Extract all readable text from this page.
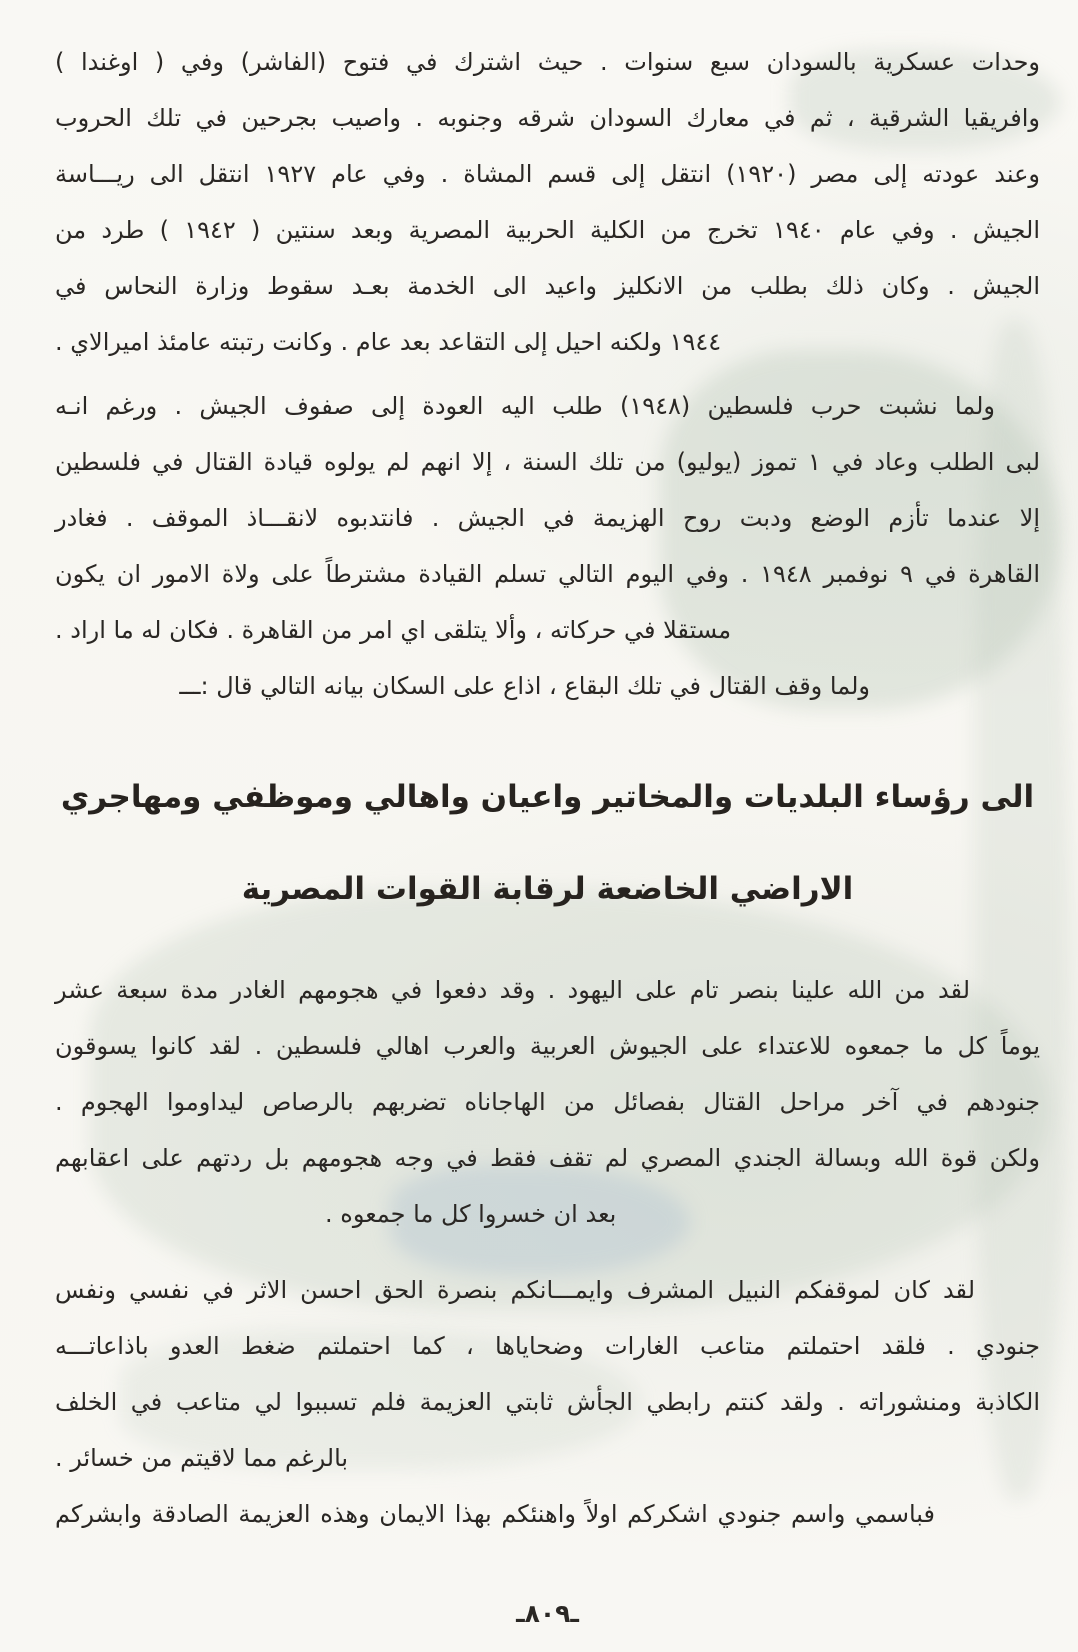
وحدات عسكرية بالسودان سبع سنوات . حيث اشترك في فتوح (الفاشر) وفي ( اوغندا )
وافريقيا الشرقية ، ثم في معارك السودان شرقه وجنوبه . واصيب بجرحين في تلك الحروب
وعند عودته إلى مصر (١٩٢٠) انتقل إلى قسم المشاة . وفي عام ١٩٢٧ انتقل الى ريـــاسة
الجيش . وفي عام ١٩٤٠ تخرج من الكلية الحربية المصرية وبعد سنتين ( ١٩٤٢ ) طرد من
الجيش . وكان ذلك بطلب من الانكليز واعيد الى الخدمة بعـد سقوط وزارة النحاس في
١٩٤٤ ولكنه احيل إلى التقاعد بعد عام . وكانت رتبته عامئذ اميرالاي .
ولما نشبت حرب فلسطين (١٩٤٨) طلب اليه العودة إلى صفوف الجيش . ورغم انـه
لبى الطلب وعاد في ١ تموز (يوليو) من تلك السنة ، إلا انهم لم يولوه قيادة القتال في فلسطين
إلا عندما تأزم الوضع ودبت روح الهزيمة في الجيش . فانتدبوه لانقـــاذ الموقف . فغادر
القاهرة في ٩ نوفمبر ١٩٤٨ . وفي اليوم التالي تسلم القيادة مشترطاً على ولاة الامور ان يكون
مستقلا في حركاته ، وألا يتلقى اي امر من القاهرة . فكان له ما اراد .
ولما وقف القتال في تلك البقاع ، اذاع على السكان بيانه التالي قال :ـــ
الى رؤساء البلديات والمخاتير واعيان واهالي وموظفي ومهاجري
الاراضي الخاضعة لرقابة القوات المصرية
لقد من الله علينا بنصر تام على اليهود . وقد دفعوا في هجومهم الغادر مدة سبعة عشر
يوماً كل ما جمعوه للاعتداء على الجيوش العربية والعرب اهالي فلسطين . لقد كانوا يسوقون
جنودهم في آخر مراحل القتال بفصائل من الهاجاناه تضربهم بالرصاص ليداوموا الهجوم .
ولكن قوة الله وبسالة الجندي المصري لم تقف فقط في وجه هجومهم بل ردتهم على اعقابهم
بعد ان خسروا كل ما جمعوه .
لقد كان لموقفكم النبيل المشرف وايمـــانكم بنصرة الحق احسن الاثر في نفسي ونفس
جنودي . فلقد احتملتم متاعب الغارات وضحاياها ، كما احتملتم ضغط العدو باذاعاتـــه
الكاذبة ومنشوراته . ولقد كنتم رابطي الجأش ثابتي العزيمة فلم تسببوا لي متاعب في الخلف
بالرغم مما لاقيتم من خسائر .
فباسمي واسم جنودي اشكركم اولاً واهنئكم بهذا الايمان وهذه العزيمة الصادقة وابشركم
ـ٨٠٩ـ
